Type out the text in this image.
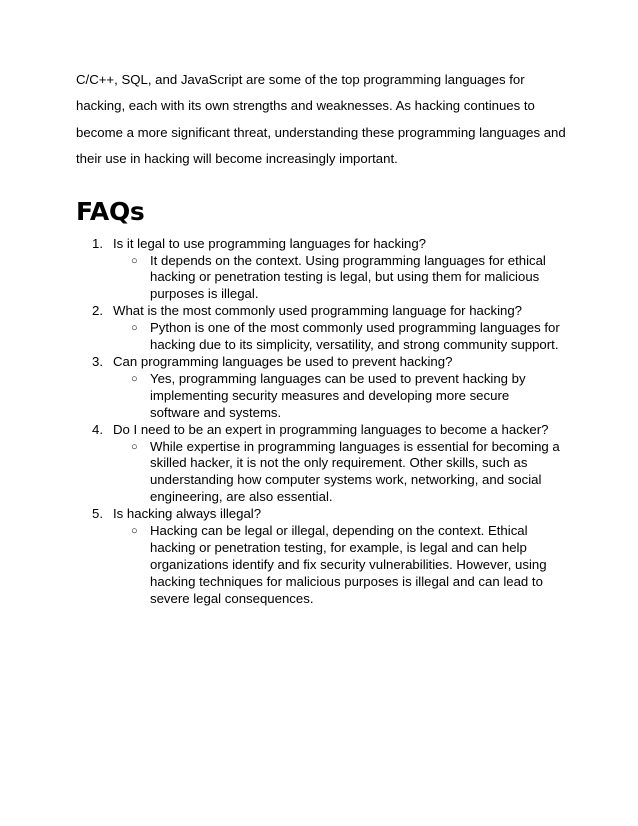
C/C++, SQL, and JavaScript are some of the top programming languages for hacking, each with its own strengths and weaknesses. As hacking continues to become a more significant threat, understanding these programming languages and their use in hacking will become increasingly important.

FAQs
1. Is it legal to use programming languages for hacking?
○ It depends on the context. Using programming languages for ethical hacking or penetration testing is legal, but using them for malicious purposes is illegal.
2. What is the most commonly used programming language for hacking?
○ Python is one of the most commonly used programming languages for hacking due to its simplicity, versatility, and strong community support.
3. Can programming languages be used to prevent hacking?
○ Yes, programming languages can be used to prevent hacking by implementing security measures and developing more secure software and systems.
4. Do I need to be an expert in programming languages to become a hacker?
○ While expertise in programming languages is essential for becoming a skilled hacker, it is not the only requirement. Other skills, such as understanding how computer systems work, networking, and social engineering, are also essential.
5. Is hacking always illegal?
○ Hacking can be legal or illegal, depending on the context. Ethical hacking or penetration testing, for example, is legal and can help organizations identify and fix security vulnerabilities. However, using hacking techniques for malicious purposes is illegal and can lead to severe legal consequences.
